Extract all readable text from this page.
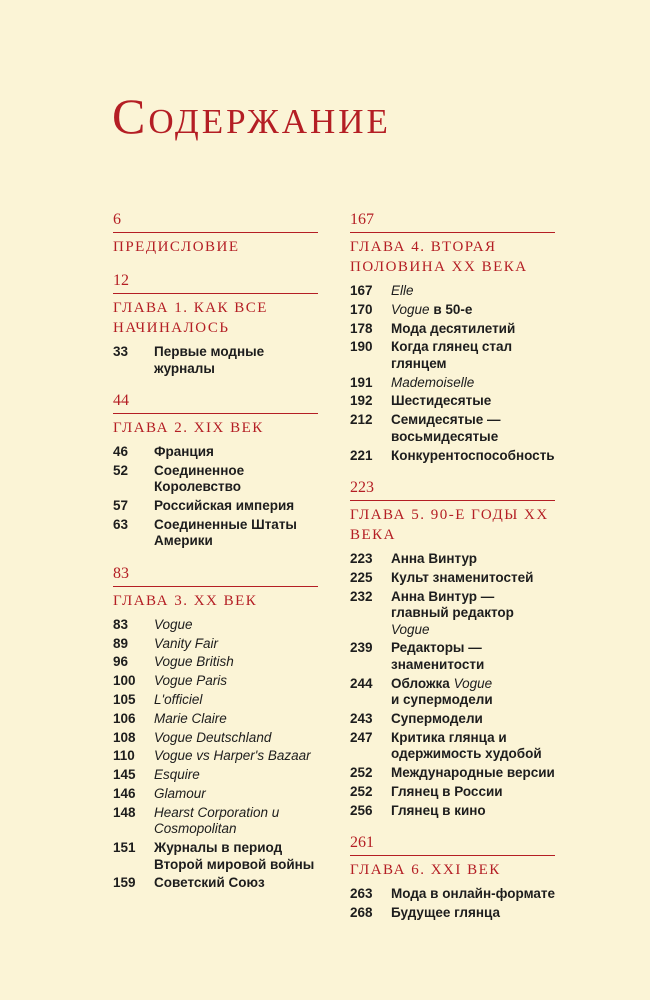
Содержание
6
ПРЕДИСЛОВИЕ
12
ГЛАВА 1. КАК ВСЕ НАЧИНАЛОСЬ
33	Первые модные журналы
44
ГЛАВА 2. XIX ВЕК
46	Франция
52	Соединенное Королевство
57	Российская империя
63	Соединенные Штаты Америки
83
ГЛАВА 3. XX ВЕК
83	Vogue
89	Vanity Fair
96	Vogue British
100	Vogue Paris
105	L'officiel
106	Marie Claire
108	Vogue Deutschland
110	Vogue vs Harper's Bazaar
145	Esquire
146	Glamour
148	Hearst Corporation и Cosmopolitan
151	Журналы в период Второй мировой войны
159	Советский Союз
167
ГЛАВА 4. ВТОРАЯ ПОЛОВИНА XX ВЕКА
167	Elle
170	Vogue в 50-е
178	Мода десятилетий
190	Когда глянец стал глянцем
191	Mademoiselle
192	Шестидесятые
212	Семидесятые — восьмидесятые
221	Конкурентоспособность
223
ГЛАВА 5. 90-Е ГОДЫ XX ВЕКА
223	Анна Винтур
225	Культ знаменитостей
232	Анна Винтур — главный редактор Vogue
239	Редакторы — знаменитости
244	Обложка Vogue
и супермодели
243	Супермодели
247	Критика глянца и одержимость худобой
252	Международные версии
252	Глянец в России
256	Глянец в кино
261
ГЛАВА 6. XXI ВЕК
263	Мода в онлайн-формате
268	Будущее глянца
